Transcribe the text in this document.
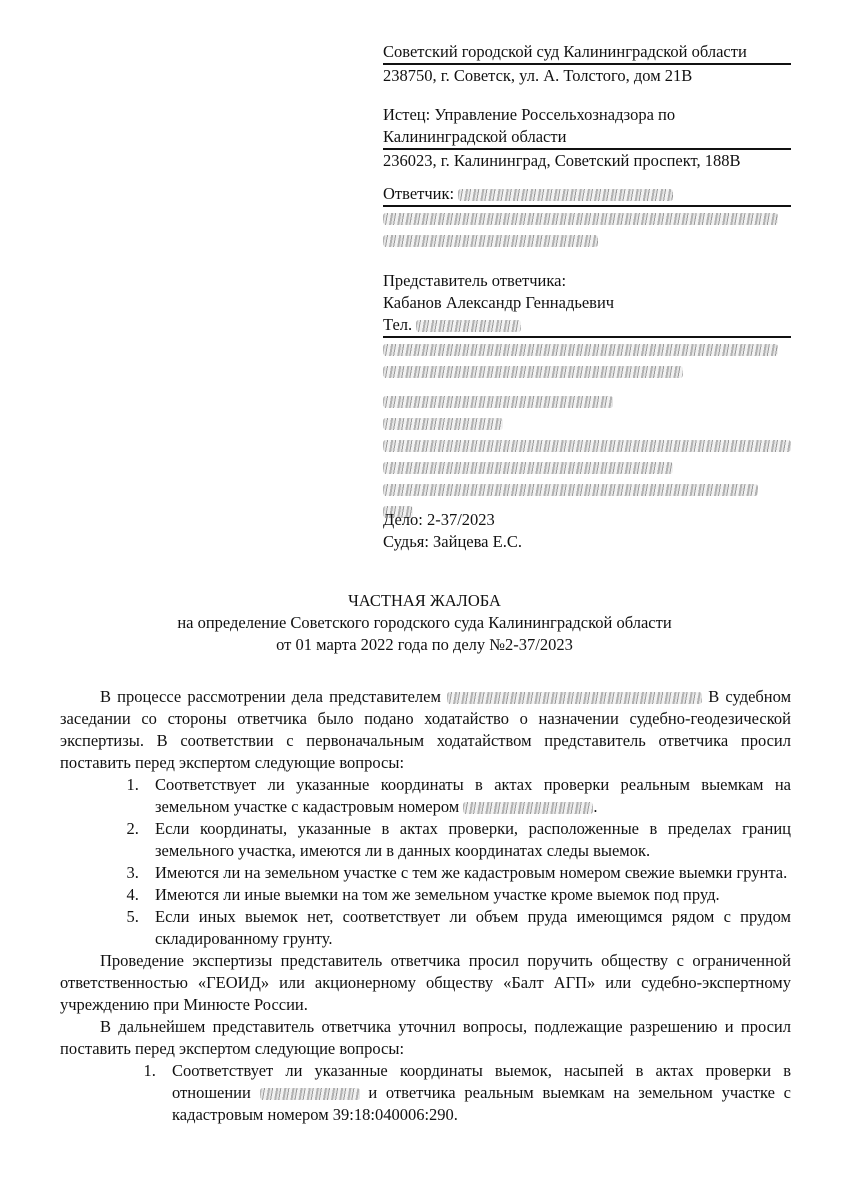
Советский городской суд Калининградской области
238750, г. Советск, ул. А. Толстого, дом 21В
Истец: Управление Россельхознадзора по
Калининградской области
236023, г. Калининград, Советский проспект, 188В
Ответчик:
Представитель ответчика:
Кабанов Александр Геннадьевич
Тел.
Дело: 2-37/2023
Судья: Зайцева Е.С.
ЧАСТНАЯ ЖАЛОБА
на определение Советского городского суда Калининградской области
от 01 марта 2022 года по делу №2-37/2023

В процессе рассмотрении дела представителем	В судебном заседании со стороны ответчика было подано ходатайство о назначении судебно-геодезической экспертизы. В соответствии с первоначальным ходатайством представитель ответчика просил поставить перед экспертом следующие вопросы:

1. Соответствует ли указанные координаты в актах проверки реальным выемкам на земельном участке с кадастровым номером	.
2. Если координаты, указанные в актах проверки, расположенные в пределах границ земельного участка, имеются ли в данных координатах следы выемок.
3. Имеются ли на земельном участке с тем же кадастровым номером свежие выемки грунта.
4. Имеются ли иные выемки на том же земельном участке кроме выемок под пруд.
5. Если иных выемок нет, соответствует ли объем пруда имеющимся рядом с прудом складированному грунту.

Проведение экспертизы представитель ответчика просил поручить обществу с ограниченной ответственностью «ГЕОИД» или акционерному обществу «Балт АГП» или судебно-экспертному учреждению при Минюсте России.

В дальнейшем представитель ответчика уточнил вопросы, подлежащие разрешению и просил поставить перед экспертом следующие вопросы:

1. Соответствует ли указанные координаты выемок, насыпей в актах проверки в отношении	и ответчика реальным выемкам на земельном участке с кадастровым номером 39:18:040006:290.
